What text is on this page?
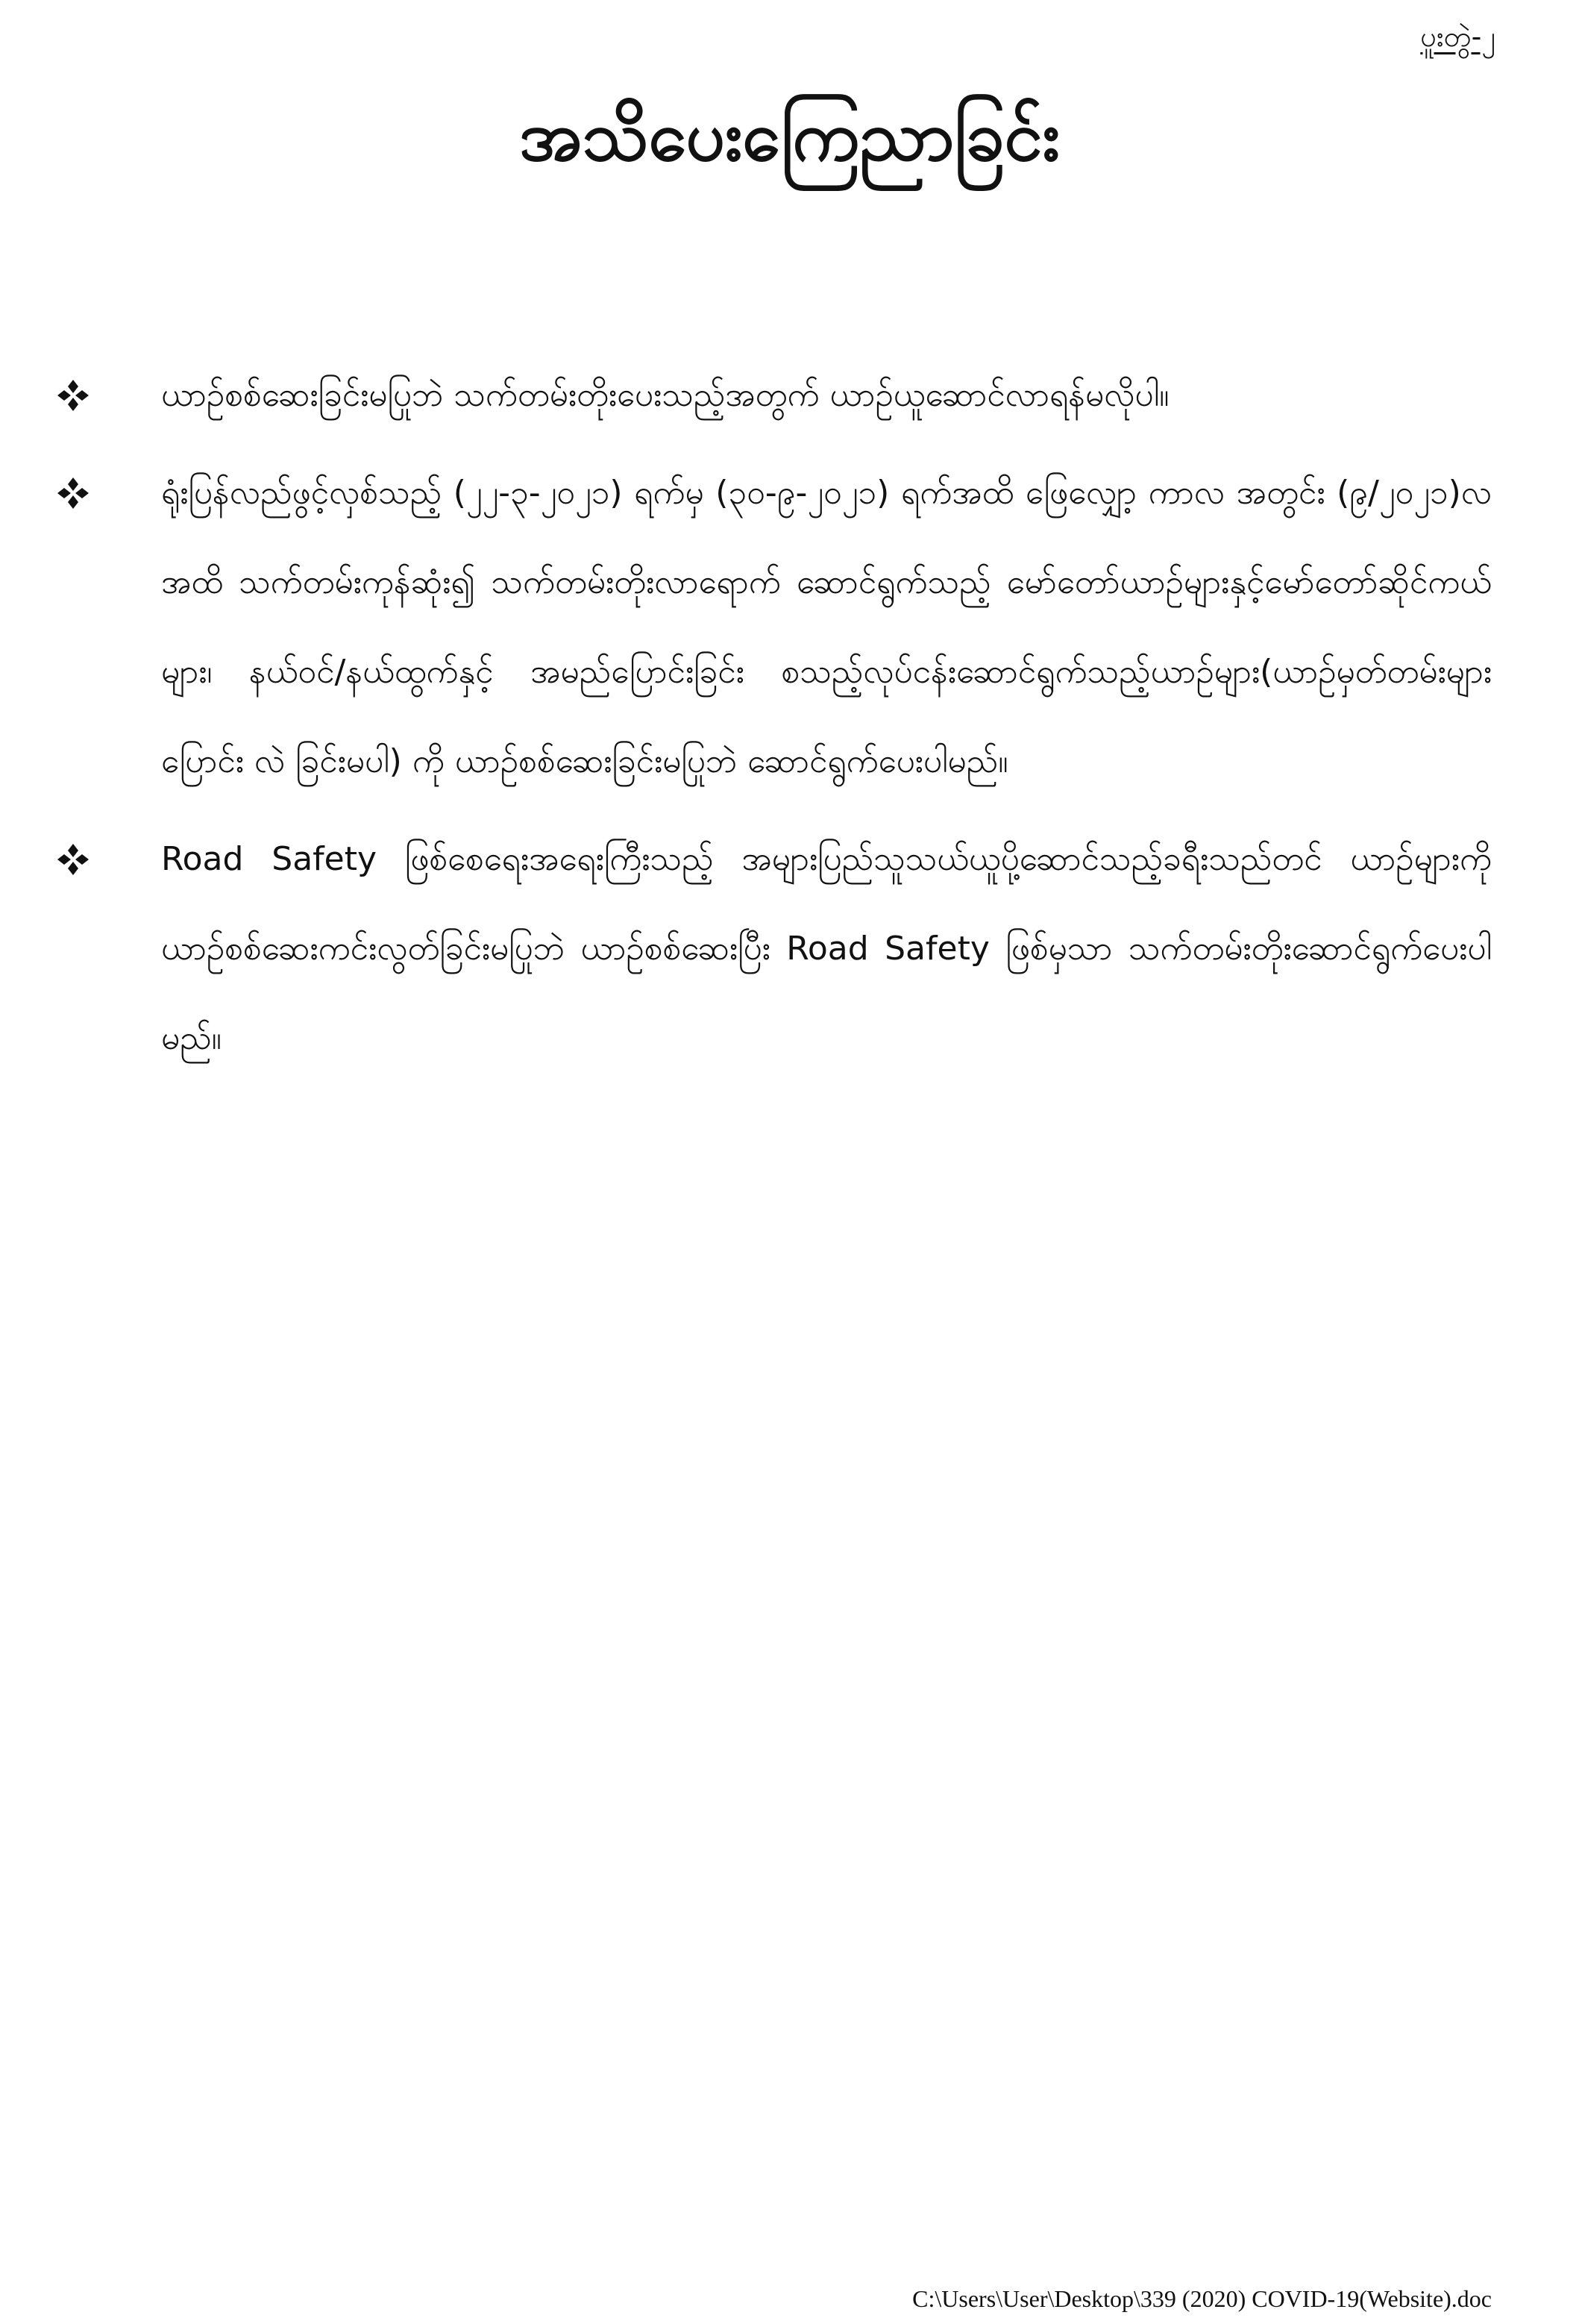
ပူးတွဲ-၂
အသိပေးကြေညာခြင်း
ယာဉ်စစ်ဆေးခြင်းမပြုဘဲ သက်တမ်းတိုးပေးသည့်အတွက် ယာဉ်ယူဆောင်လာရန်မလိုပါ။
ရုံးပြန်လည်ဖွင့်လှစ်သည့် (၂၂-၃-၂၀၂၁) ရက်မှ (၃၀-၉-၂၀၂၁) ရက်အထိ ဖြေလျှော့ ကာလ အတွင်း (၉/၂၀၂၁)လအထိ သက်တမ်းကုန်ဆုံး၍ သက်တမ်းတိုးလာရောက် ဆောင်ရွက်သည့် မော်တော်ယာဉ်များနှင့်မော်တော်ဆိုင်ကယ်များ၊ နယ်ဝင်/နယ်ထွက်နှင့် အမည်ပြောင်းခြင်း စသည့်လုပ်ငန်းဆောင်ရွက်သည့်ယာဉ်များ(ယာဉ်မှတ်တမ်းများပြောင်း လဲ ခြင်းမပါ) ကို ယာဉ်စစ်ဆေးခြင်းမပြုဘဲ ဆောင်ရွက်ပေးပါမည်။
Road Safety ဖြစ်စေရေးအရေးကြီးသည့် အများပြည်သူသယ်ယူပို့ဆောင်သည့်ခရီးသည်တင် ယာဉ်များကို ယာဉ်စစ်ဆေးကင်းလွတ်ခြင်းမပြုဘဲ ယာဉ်စစ်ဆေးပြီး Road Safety ဖြစ်မှသာ သက်တမ်းတိုးဆောင်ရွက်ပေးပါမည်။
C:\Users\User\Desktop\339 (2020) COVID-19(Website).doc
